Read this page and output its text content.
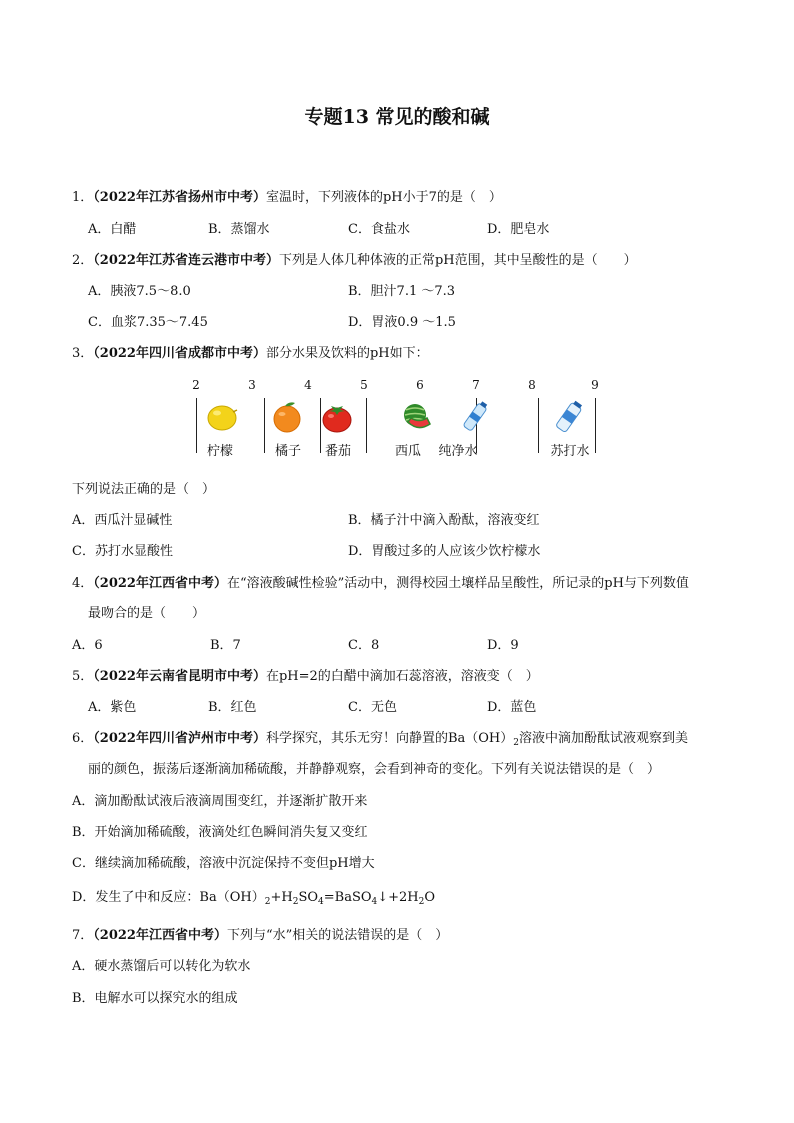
专题13 常见的酸和碱
1．（2022年江苏省扬州市中考）室温时，下列液体的pH小于7的是（　）
A．白醋	B．蒸馏水	C．食盐水	D．肥皂水
2．（2022年江苏省连云港市中考）下列是人体几种体液的正常pH范围，其中呈酸性的是（　　）
A．胰液7.5～8.0	B．胆汁7.1 ～7.3
C．血浆7.35～7.45	D．胃液0.9 ～1.5
3．（2022年四川省成都市中考）部分水果及饮料的pH如下：
2	3	4	5	6	7	8	9
柠檬	橘子 番茄	西瓜 纯净水	苏打水
下列说法正确的是（　）
A．西瓜汁显碱性	B．橘子汁中滴入酚酞，溶液变红
C．苏打水显酸性	D．胃酸过多的人应该少饮柠檬水
4．（2022年江西省中考）在“溶液酸碱性检验”活动中，测得校园土壤样品呈酸性，所记录的pH与下列数值
最吻合的是（　　）
A．6	B．7	C．8	D．9
5．（2022年云南省昆明市中考）在pH=2的白醋中滴加石蕊溶液，溶液变（　）
A．紫色	B．红色	C．无色	D．蓝色
6．（2022年四川省泸州市中考）科学探究，其乐无穷！向静置的$Ba(OH)_2$溶液中滴加酚酞试液观察到美
丽的颜色，振荡后逐渐滴加稀硫酸，并静静观察，会看到神奇的变化。下列有关说法错误的是（　）
A．滴加酚酞试液后液滴周围变红，并逐渐扩散开来
B．开始滴加稀硫酸，液滴处红色瞬间消失复又变红
C．继续滴加稀硫酸，溶液中沉淀保持不变但pH增大
D．发生了中和反应：$Ba(OH)_2+H_2SO_4=BaSO_4↓+2H_2O$
7．（2022年江西省中考）下列与“水”相关的说法错误的是（　）
A．硬水蒸馏后可以转化为软水
B．电解水可以探究水的组成
